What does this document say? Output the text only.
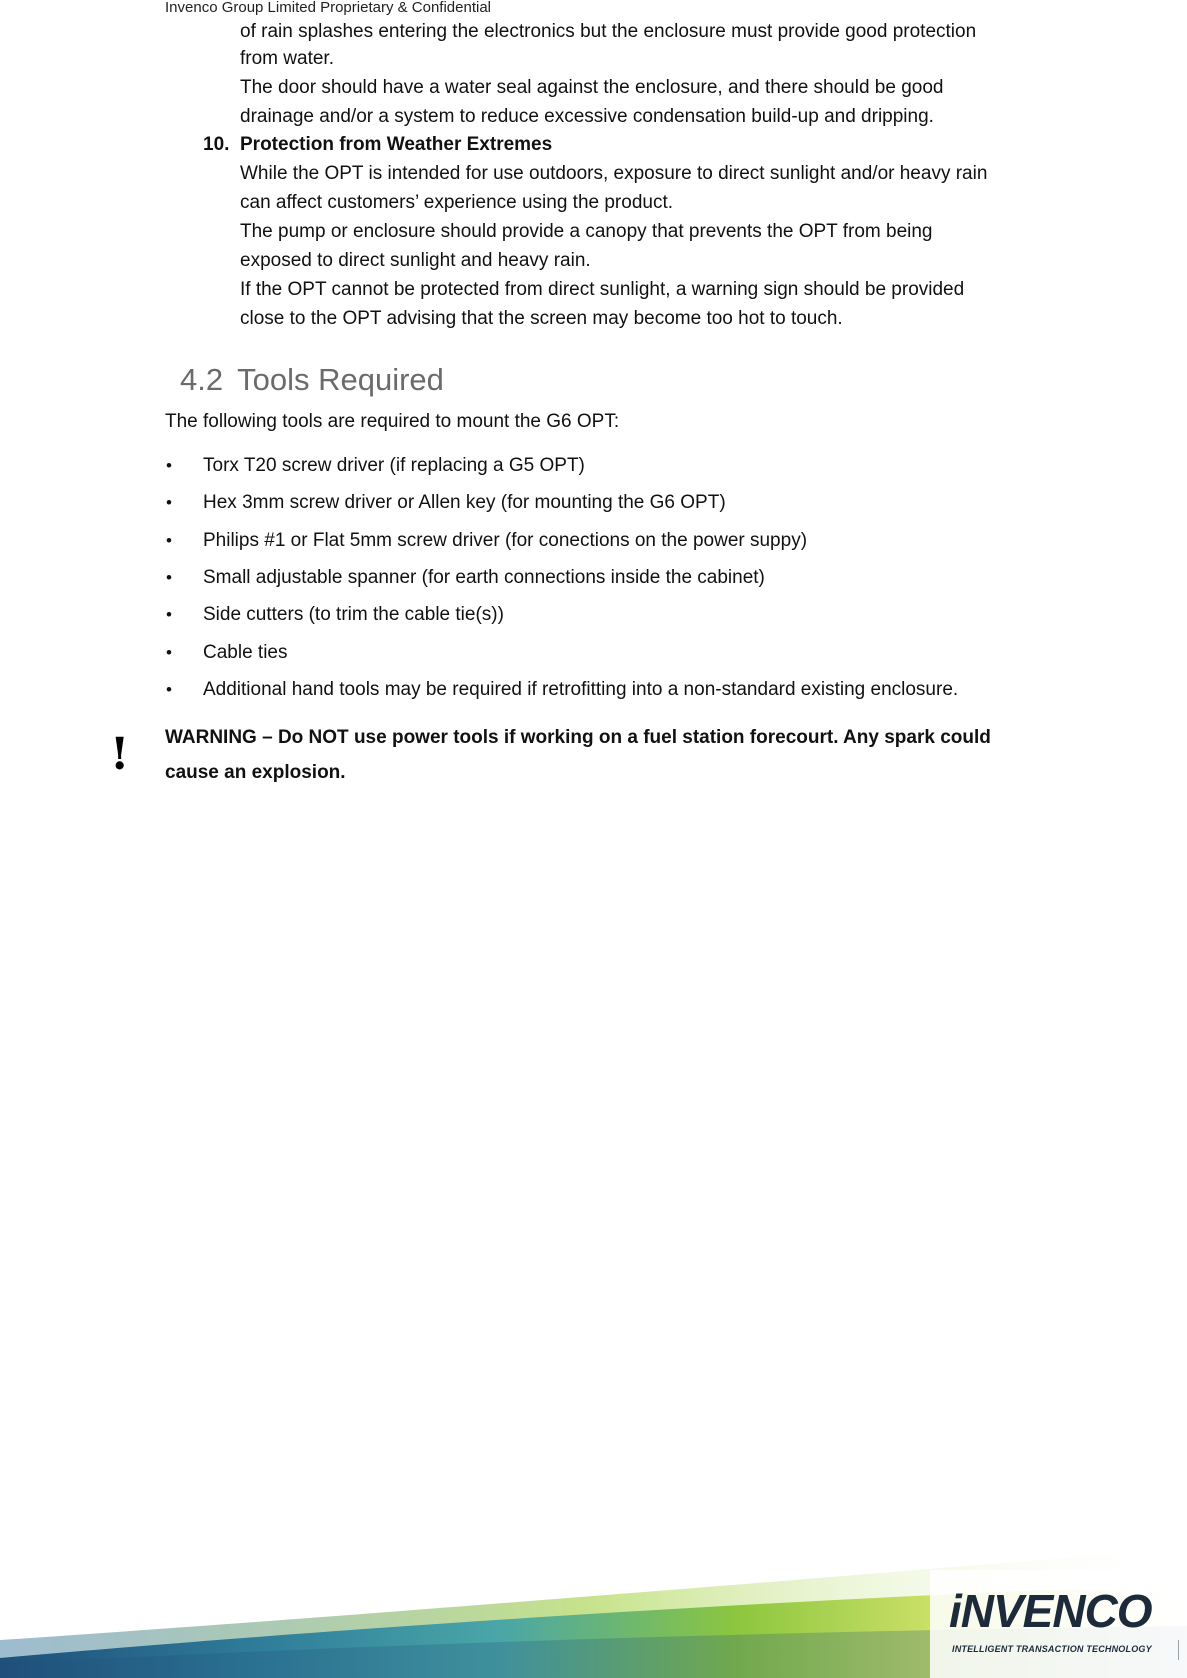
Invenco Group Limited Proprietary & Confidential
of rain splashes entering the electronics but the enclosure must provide good protection
from water.
The door should have a water seal against the enclosure, and there should be good
drainage and/or a system to reduce excessive condensation build-up and dripping.
10. Protection from Weather Extremes
While the OPT is intended for use outdoors, exposure to direct sunlight and/or heavy rain
can affect customers’ experience using the product.
The pump or enclosure should provide a canopy that prevents the OPT from being
exposed to direct sunlight and heavy rain.
If the OPT cannot be protected from direct sunlight, a warning sign should be provided
close to the OPT advising that the screen may become too hot to touch.
4.2 Tools Required
The following tools are required to mount the G6 OPT:
• Torx T20 screw driver (if replacing a G5 OPT)
• Hex 3mm screw driver or Allen key (for mounting the G6 OPT)
• Philips #1 or Flat 5mm screw driver (for conections on the power suppy)
• Small adjustable spanner (for earth connections inside the cabinet)
• Side cutters (to trim the cable tie(s))
• Cable ties
• Additional hand tools may be required if retrofitting into a non-standard existing enclosure.
! WARNING – Do NOT use power tools if working on a fuel station forecourt. Any spark could
cause an explosion.
iNVENCO
INTELLIGENT TRANSACTION TECHNOLOGY
